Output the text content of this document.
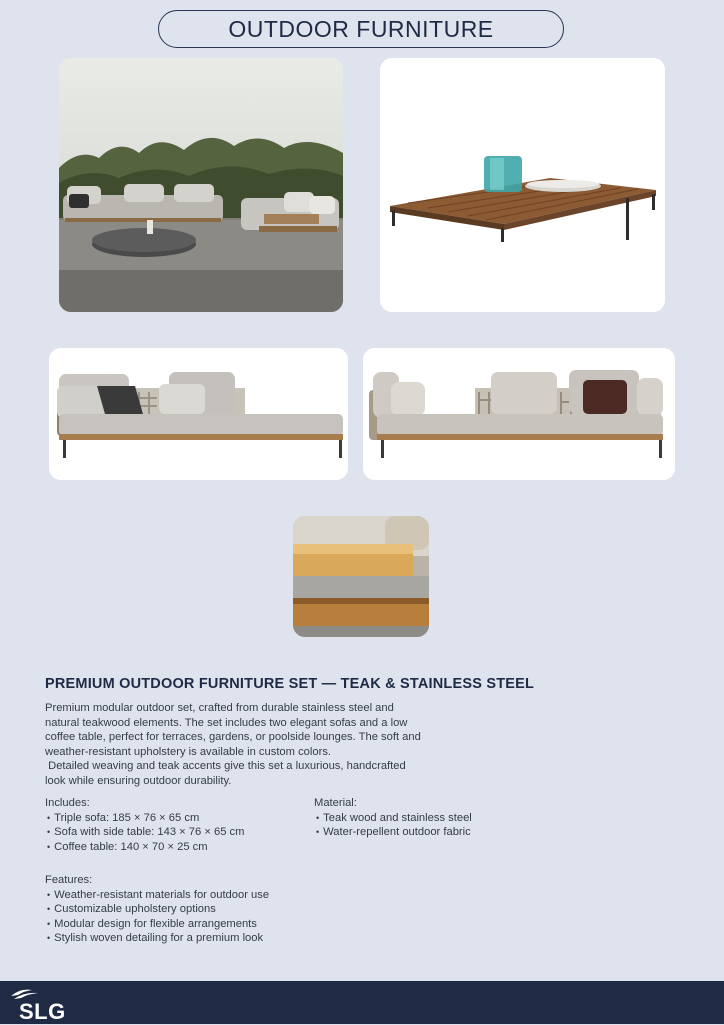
OUTDOOR FURNITURE
PREMIUM OUTDOOR FURNITURE SET — TEAK & STAINLESS STEEL

Premium modular outdoor set, crafted from durable stainless steel and

natural teakwood elements. The set includes two elegant sofas and a low

coffee table, perfect for terraces, gardens, or poolside lounges. The soft and

weather-resistant upholstery is available in custom colors.

Detailed weaving and teak accents give this set a luxurious, handcrafted

look while ensuring outdoor durability.

Includes:
• Triple sofa: 185 × 76 × 65 cm
• Sofa with side table: 143 × 76 × 65 cm
• Coffee table: 140 × 70 × 25 cm
Material:
• Teak wood and stainless steel
• Water-repellent outdoor fabric
Features:
• Weather-resistant materials for outdoor use
• Customizable upholstery options
• Modular design for flexible arrangements
• Stylish woven detailing for a premium look
SLG
